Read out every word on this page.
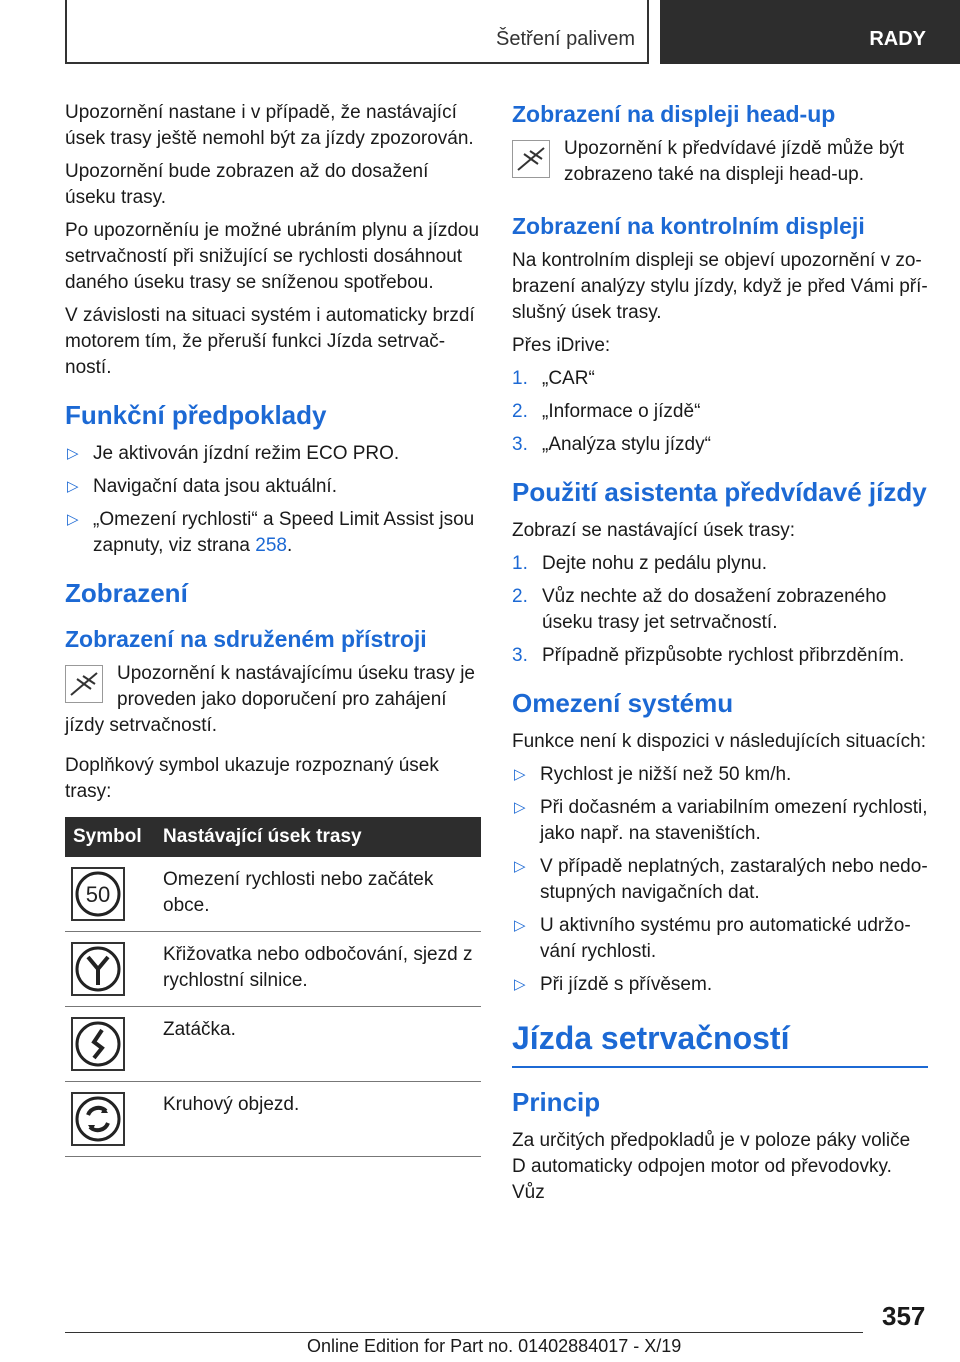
Šetření palivem	RADY

Upozornění nastane i v případě, že nastávající úsek trasy ještě nemohl být za jízdy zpozorován.

Upozornění bude zobrazen až do dosažení úseku trasy.

Po upozorněníu je možné ubráním plynu a jízdou setrvačností při snižující se rychlosti dosáhnout daného úseku trasy se sníženou spotřebou.

V závislosti na situaci systém i automaticky brzdí motorem tím, že přeruší funkci Jízda setrvač-ností.

Funkční předpoklady
▷ Je aktivován jízdní režim ECO PRO.
▷ Navigační data jsou aktuální.
▷ „Omezení rychlosti“ a Speed Limit Assist jsou zapnuty, viz strana 258.
Zobrazení
Zobrazení na sdruženém přístroji
Upozornění k nastávajícímu úseku trasy je proveden jako doporučení pro zahájení jízdy setrvačností.

Doplňkový symbol ukazuje rozpoznaný úsek trasy:

Symbol	Nastávající úsek trasy

50	Omezení rychlosti nebo začátek obce.

	Křižovatka nebo odbočování, sjezd z rychlostní silnice.

	Zatáčka.

	Kruhový objezd.
Zobrazení na displeji head-up
Upozornění k předvídavé jízdě může být zobrazeno také na displeji head-up.
Zobrazení na kontrolním displeji

Na kontrolním displeji se objeví upozornění v zo-brazení analýzy stylu jízdy, když je před Vámi pří-slušný úsek trasy.

Přes iDrive:

1. „CAR“
2. „Informace o jízdě“
3. „Analýza stylu jízdy“
Použití asistenta předvídavé jízdy

Zobrazí se nastávající úsek trasy:

1. Dejte nohu z pedálu plynu.
2. Vůz nechte až do dosažení zobrazeného úseku trasy jet setrvačností.
3. Případně přizpůsobte rychlost přibrzděním.
Omezení systému

Funkce není k dispozici v následujících situacích:

▷ Rychlost je nižší než 50 km/h.
▷ Při dočasném a variabilním omezení rychlosti, jako např. na staveništích.
▷ V případě neplatných, zastaralých nebo nedo-stupných navigačních dat.
▷ U aktivního systému pro automatické udržo-vání rychlosti.
▷ Při jízdě s přívěsem.
Jízda setrvačností
Princip

Za určitých předpokladů je v poloze páky voliče D automaticky odpojen motor od převodovky. Vůz

357
Online Edition for Part no. 01402884017 - X/19
